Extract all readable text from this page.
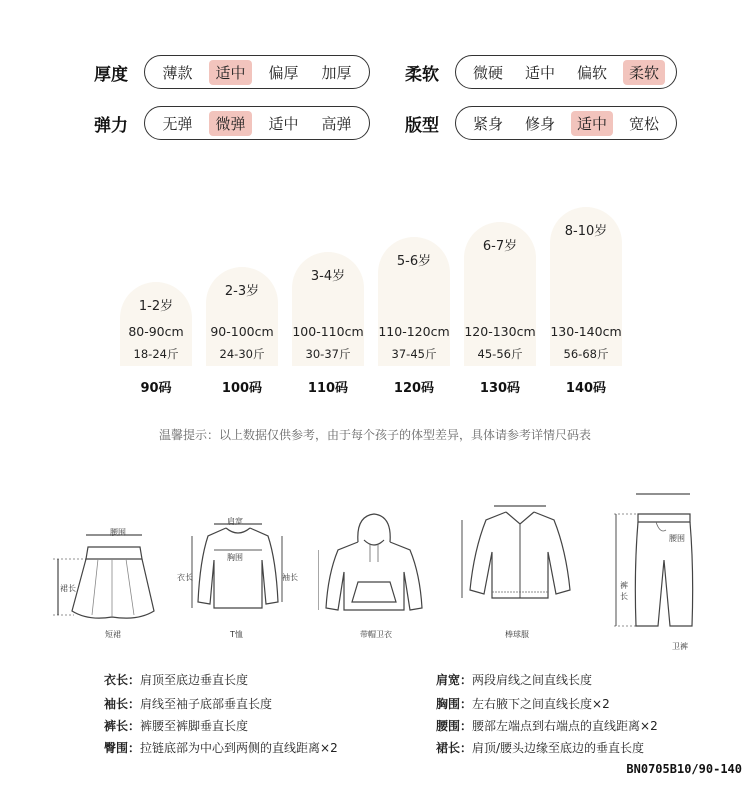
厚度	薄款	适中	偏厚	加厚	柔软	微硬	适中	偏软	柔软
弹力	无弹	微弹	适中	高弹	版型	紧身	修身	适中	宽松
1-2岁
80-90cm
18-24斤
90码
2-3岁
90-100cm
24-30斤
100码
3-4岁
100-110cm
30-37斤
110码
5-6岁
110-120cm
37-45斤
120码
6-7岁
120-130cm
45-56斤
130码
8-10岁
130-140cm
56-68斤
140码
温馨提示：以上数据仅供参考，由于每个孩子的体型差异，具体请参考详情尺码表
腰围
裙长
短裙
肩宽
胸围
衣长	袖长
T恤	带帽卫衣	棒球服
腰围
裤长
卫裤
衣长：肩顶至底边垂直长度
袖长：肩线至袖子底部垂直长度
裤长：裤腰至裤脚垂直长度
臀围：拉链底部为中心到两侧的直线距离×2
肩宽：两段肩线之间直线长度
胸围：左右腋下之间直线长度×2
腰围：腰部左端点到右端点的直线距离×2
裙长：肩顶/腰头边缘至底边的垂直长度
BN0705B10/90-140
